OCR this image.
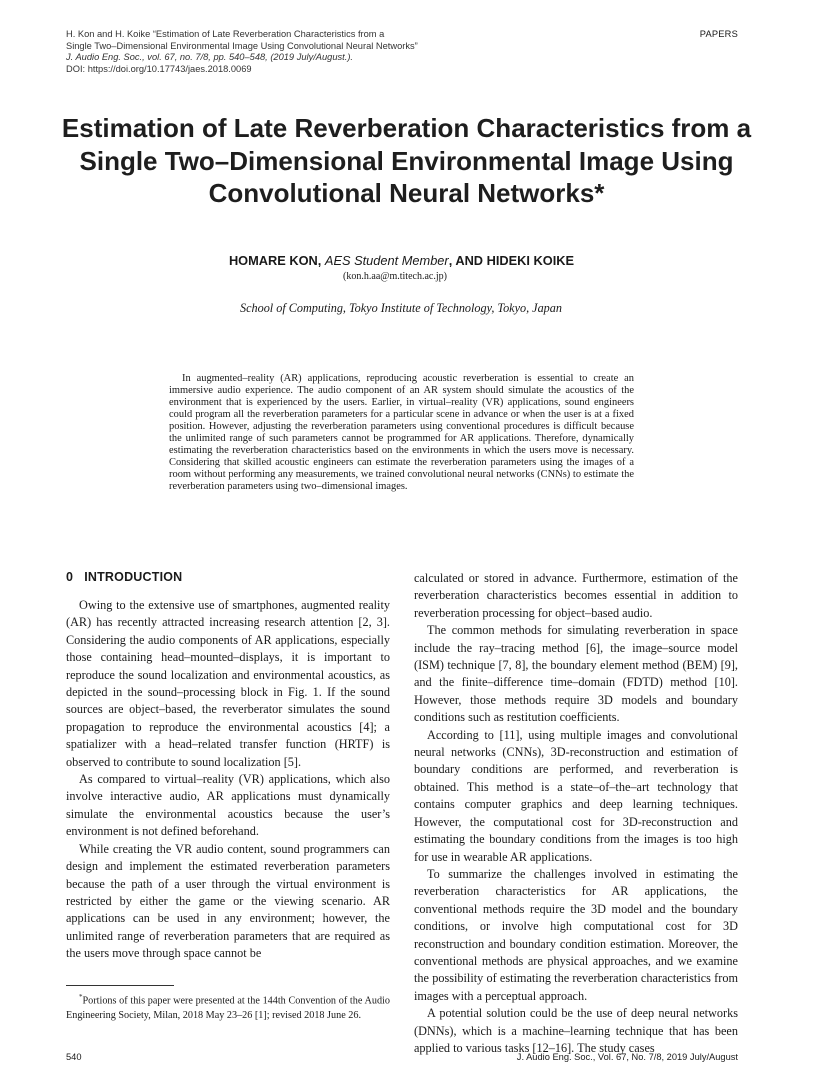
H. Kon and H. Koike “Estimation of Late Reverberation Characteristics from a
Single Two–Dimensional Environmental Image Using Convolutional Neural Networks”
J. Audio Eng. Soc., vol. 67, no. 7/8, pp. 540–548, (2019 July/August.).
DOI: https://doi.org/10.17743/jaes.2018.0069
PAPERS
Estimation of Late Reverberation Characteristics from a Single Two–Dimensional Environmental Image Using Convolutional Neural Networks*
HOMARE KON, AES Student Member, AND HIDEKI KOIKE
(kon.h.aa@m.titech.ac.jp)
School of Computing, Tokyo Institute of Technology, Tokyo, Japan
In augmented–reality (AR) applications, reproducing acoustic reverberation is essential to create an immersive audio experience. The audio component of an AR system should simulate the acoustics of the environment that is experienced by the users. Earlier, in virtual–reality (VR) applications, sound engineers could program all the reverberation parameters for a particular scene in advance or when the user is at a fixed position. However, adjusting the reverberation parameters using conventional procedures is difficult because the unlimited range of such parameters cannot be programmed for AR applications. Therefore, dynamically estimating the reverberation characteristics based on the environments in which the users move is necessary. Considering that skilled acoustic engineers can estimate the reverberation parameters using the images of a room without performing any measurements, we trained convolutional neural networks (CNNs) to estimate the reverberation parameters using two–dimensional images.
0 INTRODUCTION

Owing to the extensive use of smartphones, augmented reality (AR) has recently attracted increasing research attention [2, 3]. Considering the audio components of AR applications, especially those containing head–mounted–displays, it is important to reproduce the sound localization and environmental acoustics, as depicted in the sound–processing block in Fig. 1. If the sound sources are object–based, the reverberator simulates the sound propagation to reproduce the environmental acoustics [4]; a spatializer with a head–related transfer function (HRTF) is observed to contribute to sound localization [5].

As compared to virtual–reality (VR) applications, which also involve interactive audio, AR applications must dynamically simulate the environmental acoustics because the user’s environment is not defined beforehand.

While creating the VR audio content, sound programmers can design and implement the estimated reverberation parameters because the path of a user through the virtual environment is restricted by either the game or the viewing scenario. AR applications can be used in any environment; however, the unlimited range of reverberation parameters that are required as the users move through space cannot be

calculated or stored in advance. Furthermore, estimation of the reverberation characteristics becomes essential in addition to reverberation processing for object–based audio.

The common methods for simulating reverberation in space include the ray–tracing method [6], the image–source model (ISM) technique [7, 8], the boundary element method (BEM) [9], and the finite–difference time–domain (FDTD) method [10]. However, those methods require 3D models and boundary conditions such as restitution coefficients.

According to [11], using multiple images and convolutional neural networks (CNNs), 3D-reconstruction and estimation of boundary conditions are performed, and reverberation is obtained. This method is a state–of–the–art technology that contains computer graphics and deep learning techniques. However, the computational cost for 3D-reconstruction and estimating the boundary conditions from the images is too high for use in wearable AR applications.

To summarize the challenges involved in estimating the reverberation characteristics for AR applications, the conventional methods require the 3D model and the boundary conditions, or involve high computational cost for 3D reconstruction and boundary condition estimation. Moreover, the conventional methods are physical approaches, and we examine the possibility of estimating the reverberation characteristics from images with a perceptual approach.

A potential solution could be the use of deep neural networks (DNNs), which is a machine–learning technique that has been applied to various tasks [12–16]. The study cases

*Portions of this paper were presented at the 144th Convention of the Audio Engineering Society, Milan, 2018 May 23–26 [1]; revised 2018 June 26.
540	J. Audio Eng. Soc., Vol. 67, No. 7/8, 2019 July/August
